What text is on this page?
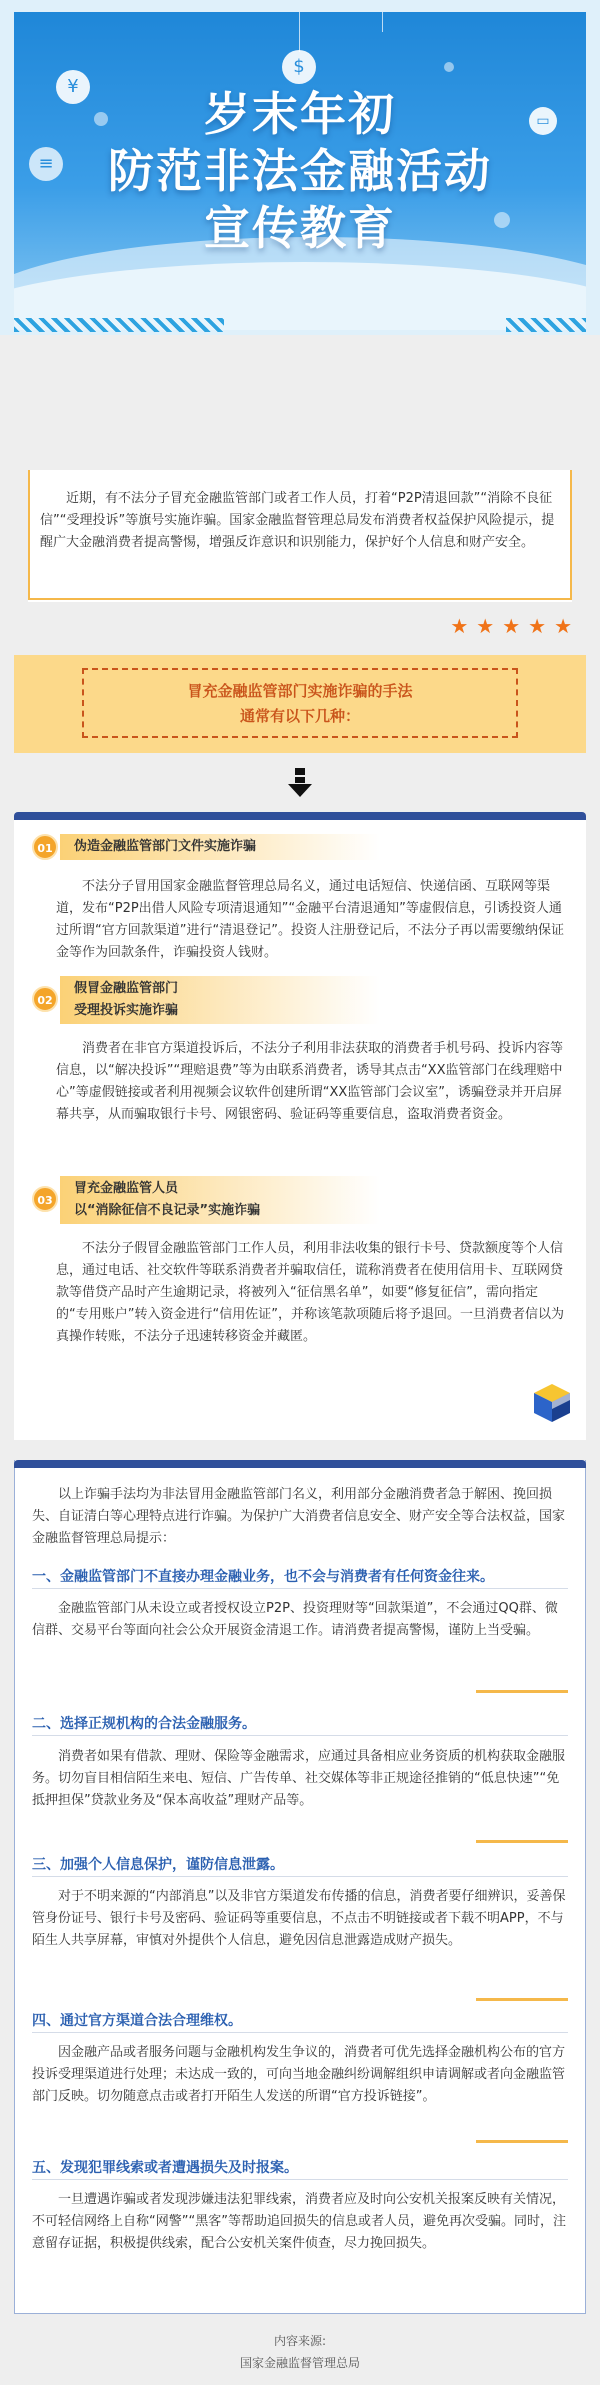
¥
$
≡
▭
岁末年初
防范非法金融活动
宣传教育

近期，有不法分子冒充金融监管部门或者工作人员，打着“P2P清退回款”“消除不良征信”“受理投诉”等旗号实施诈骗。国家金融监督管理总局发布消费者权益保护风险提示，提醒广大金融消费者提高警惕，增强反诈意识和识别能力，保护好个人信息和财产安全。

★★★★★
冒充金融监管部门实施诈骗的手法
通常有以下几种：
01	伪造金融监管部门文件实施诈骗

不法分子冒用国家金融监督管理总局名义，通过电话短信、快递信函、互联网等渠道，发布“P2P出借人风险专项清退通知”“金融平台清退通知”等虚假信息，引诱投资人通过所谓“官方回款渠道”进行“清退登记”。投资人注册登记后，不法分子再以需要缴纳保证金等作为回款条件，诈骗投资人钱财。

02
假冒金融监管部门
受理投诉实施诈骗

消费者在非官方渠道投诉后，不法分子利用非法获取的消费者手机号码、投诉内容等信息，以“解决投诉”“理赔退费”等为由联系消费者，诱导其点击“XX监管部门在线理赔中心”等虚假链接或者利用视频会议软件创建所谓“XX监管部门会议室”，诱骗登录并开启屏幕共享，从而骗取银行卡号、网银密码、验证码等重要信息，盗取消费者资金。

03
冒充金融监管人员
以“消除征信不良记录”实施诈骗

不法分子假冒金融监管部门工作人员，利用非法收集的银行卡号、贷款额度等个人信息，通过电话、社交软件等联系消费者并骗取信任，谎称消费者在使用信用卡、互联网贷款等借贷产品时产生逾期记录，将被列入“征信黑名单”，如要“修复征信”，需向指定的“专用账户”转入资金进行“信用佐证”，并称该笔款项随后将予退回。一旦消费者信以为真操作转账，不法分子迅速转移资金并藏匿。

以上诈骗手法均为非法冒用金融监管部门名义，利用部分金融消费者急于解困、挽回损失、自证清白等心理特点进行诈骗。为保护广大消费者信息安全、财产安全等合法权益，国家金融监督管理总局提示：

一、金融监管部门不直接办理金融业务，也不会与消费者有任何资金往来。

金融监管部门从未设立或者授权设立P2P、投资理财等“回款渠道”，不会通过QQ群、微信群、交易平台等面向社会公众开展资金清退工作。请消费者提高警惕，谨防上当受骗。

二、选择正规机构的合法金融服务。

消费者如果有借款、理财、保险等金融需求，应通过具备相应业务资质的机构获取金融服务。切勿盲目相信陌生来电、短信、广告传单、社交媒体等非正规途径推销的“低息快速”“免抵押担保”贷款业务及“保本高收益”理财产品等。

三、加强个人信息保护，谨防信息泄露。

对于不明来源的“内部消息”以及非官方渠道发布传播的信息，消费者要仔细辨识，妥善保管身份证号、银行卡号及密码、验证码等重要信息，不点击不明链接或者下载不明APP，不与陌生人共享屏幕，审慎对外提供个人信息，避免因信息泄露造成财产损失。

四、通过官方渠道合法合理维权。

因金融产品或者服务问题与金融机构发生争议的，消费者可优先选择金融机构公布的官方投诉受理渠道进行处理；未达成一致的，可向当地金融纠纷调解组织申请调解或者向金融监管部门反映。切勿随意点击或者打开陌生人发送的所谓“官方投诉链接”。

五、发现犯罪线索或者遭遇损失及时报案。

一旦遭遇诈骗或者发现涉嫌违法犯罪线索，消费者应及时向公安机关报案反映有关情况，不可轻信网络上自称“网警”“黑客”等帮助追回损失的信息或者人员，避免再次受骗。同时，注意留存证据，积极提供线索，配合公安机关案件侦查，尽力挽回损失。

内容来源:
国家金融监督管理总局
